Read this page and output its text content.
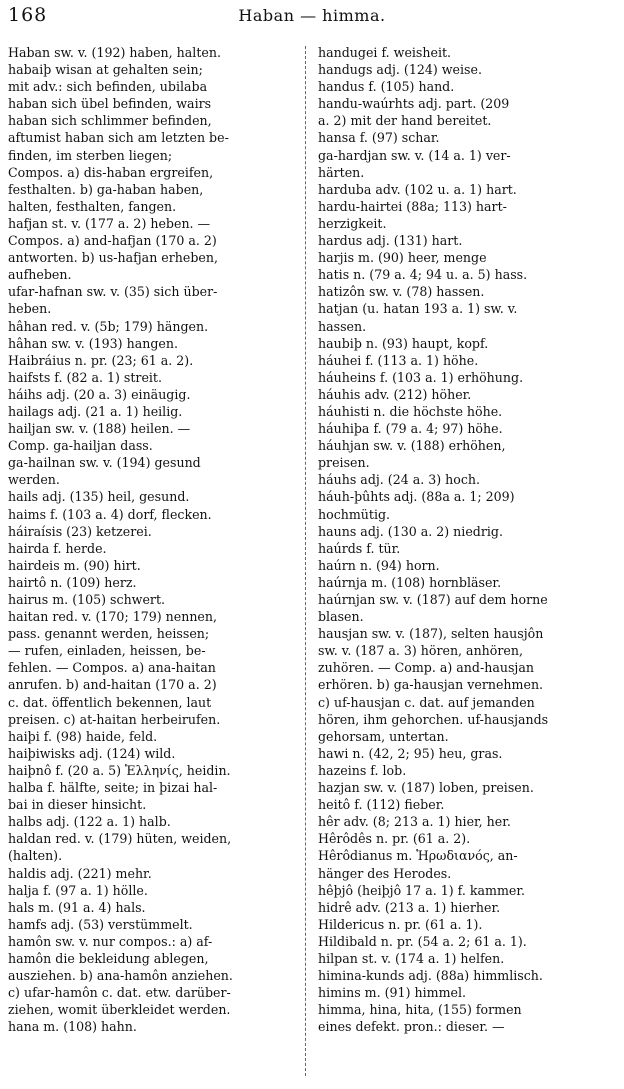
168	Haban — himma.
Haban sw. v. (192) haben, halten.
habaiþ wisan at gehalten sein;
mit adv.: sich befinden, ubilaba
haban sich übel befinden, wairs
haban sich schlimmer befinden,
aftumist haban sich am letzten be-
finden, im sterben liegen;
Compos. a) dis-haban ergreifen,
festhalten. b) ga-haban haben,
halten, festhalten, fangen.
hafjan st. v. (177 a. 2) heben. —
Compos. a) and-hafjan (170 a. 2)
antworten. b) us-hafjan erheben,
aufheben.
ufar-hafnan sw. v. (35) sich über-
heben.
hâhan red. v. (5b; 179) hängen.
hâhan sw. v. (193) hangen.
Haibráius n. pr. (23; 61 a. 2).
haifsts f. (82 a. 1) streit.
háihs adj. (20 a. 3) einäugig.
hailags adj. (21 a. 1) heilig.
hailjan sw. v. (188) heilen. —
Comp. ga-hailjan dass.
ga-hailnan sw. v. (194) gesund
werden.
hails adj. (135) heil, gesund.
haims f. (103 a. 4) dorf, flecken.
háiraísis (23) ketzerei.
hairda f. herde.
hairdeis m. (90) hirt.
hairtô n. (109) herz.
hairus m. (105) schwert.
haitan red. v. (170; 179) nennen,
pass. genannt werden, heissen;
— rufen, einladen, heissen, be-
fehlen. — Compos. a) ana-haitan
anrufen. b) and-haitan (170 a. 2)
c. dat. öffentlich bekennen, laut
preisen. c) at-haitan herbeirufen.
haiþi f. (98) haide, feld.
haiþiwisks adj. (124) wild.
haiþnô f. (20 a. 5) Ἑλληνίς, heidin.
halba f. hälfte, seite; in þizai hal-
bai in dieser hinsicht.
halbs adj. (122 a. 1) halb.
haldan red. v. (179) hüten, weiden,
(halten).
haldis adj. (221) mehr.
halja f. (97 a. 1) hölle.
hals m. (91 a. 4) hals.
hamfs adj. (53) verstümmelt.
hamôn sw. v. nur compos.: a) af-
hamôn die bekleidung ablegen,
ausziehen. b) ana-hamôn anziehen.
c) ufar-hamôn c. dat. etw. darüber-
ziehen, womit überkleidet werden.
hana m. (108) hahn.
handugei f. weisheit.
handugs adj. (124) weise.
handus f. (105) hand.
handu-waúrhts adj. part. (209
a. 2) mit der hand bereitet.
hansa f. (97) schar.
ga-hardjan sw. v. (14 a. 1) ver-
härten.
harduba adv. (102 u. a. 1) hart.
hardu-hairtei (88a; 113) hart-
herzigkeit.
hardus adj. (131) hart.
harjis m. (90) heer, menge
hatis n. (79 a. 4; 94 u. a. 5) hass.
hatizôn sw. v. (78) hassen.
hatjan (u. hatan 193 a. 1) sw. v.
hassen.
haubiþ n. (93) haupt, kopf.
háuhei f. (113 a. 1) höhe.
háuheins f. (103 a. 1) erhöhung.
háuhis adv. (212) höher.
háuhisti n. die höchste höhe.
háuhiþa f. (79 a. 4; 97) höhe.
háuhjan sw. v. (188) erhöhen,
preisen.
háuhs adj. (24 a. 3) hoch.
háuh-þûhts adj. (88a a. 1; 209)
hochmütig.
hauns adj. (130 a. 2) niedrig.
haúrds f. tür.
haúrn n. (94) horn.
haúrnja m. (108) hornbläser.
haúrnjan sw. v. (187) auf dem horne
blasen.
hausjan sw. v. (187), selten hausjôn
sw. v. (187 a. 3) hören, anhören,
zuhören. — Comp. a) and-hausjan
erhören. b) ga-hausjan vernehmen.
c) uf-hausjan c. dat. auf jemanden
hören, ihm gehorchen. uf-hausjands
gehorsam, untertan.
hawi n. (42, 2; 95) heu, gras.
hazeins f. lob.
hazjan sw. v. (187) loben, preisen.
heitô f. (112) fieber.
hêr adv. (8; 213 a. 1) hier, her.
Hêrôdês n. pr. (61 a. 2).
Hêrôdianus m. Ἡρωδιανός, an-
hänger des Herodes.
hêþjô (heiþjô 17 a. 1) f. kammer.
hidrê adv. (213 a. 1) hierher.
Hildericus n. pr. (61 a. 1).
Hildibald n. pr. (54 a. 2; 61 a. 1).
hilpan st. v. (174 a. 1) helfen.
himina-kunds adj. (88a) himmlisch.
himins m. (91) himmel.
himma, hina, hita, (155) formen
eines defekt. pron.: dieser. —
